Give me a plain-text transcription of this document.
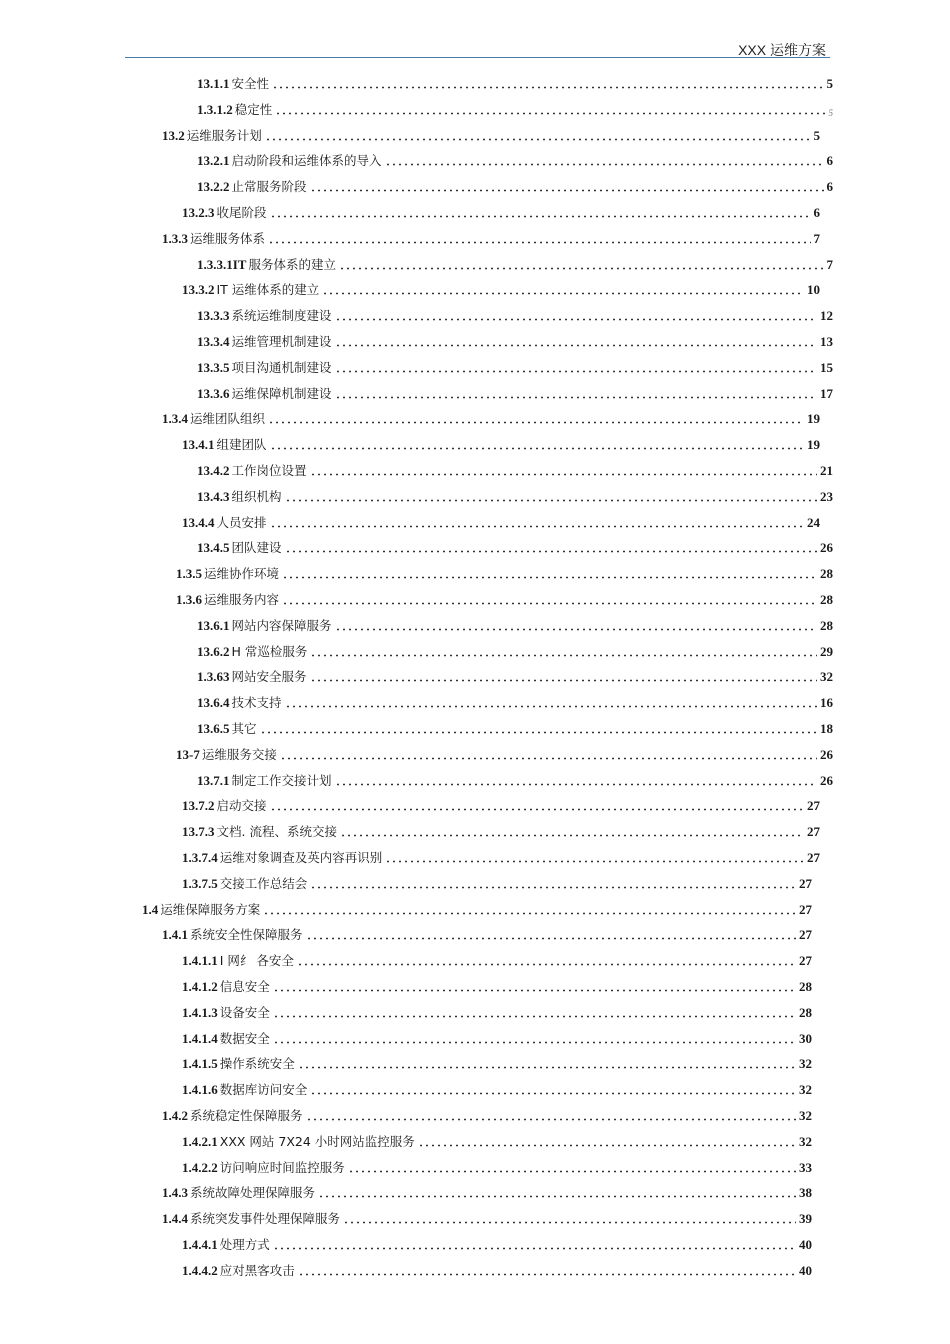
XXX 运维方案
13.1.1 安全性	5
1.3.1.2 稳定性	5
13.2 运维服务计划	5
13.2.1 启动阶段和运维体系的导入	6
13.2.2 止常服务阶段	6
13.2.3 收尾阶段	6
1.3.3 运维服务体系	7
1.3.3.1IT 服务体系的建立	7
13.3.2 IT 运维体系的建立	10
13.3.3 系统运维制度建设	12
13.3.4 运维管理机制建设	13
13.3.5 项目沟通机制建设	15
13.3.6 运维保障机制建设	17
1.3.4 运维团队组织	19
13.4.1 组建团队	19
13.4.2 工作岗位设置	21
13.4.3 组织机构	23
13.4.4 人员安排	24
13.4.5 团队建设	26
1.3.5 运维协作环境	28
1.3.6 运维服务内容	28
13.6.1 网站内容保障服务	28
13.6.2 H 常巡检服务	29
1.3.63 网站安全服务	32
13.6.4 技术支持	16
13.6.5 其它	18
13-7 运维服务交接	26
13.7.1 制定工作交接计划	26
13.7.2 启动交接	27
13.7.3 文档. 流程、系统交接	27
1.3.7.4 运维对象调查及英内容再识别	27
1.3.7.5 交接工作总结会	27
1.4 运维保障服务方案	27
1.4.1 系统安全性保障服务	27
1.4.1.1 I 网纟 各安全	27
1.4.1.2 信息安全	28
1.4.1.3 设备安全	28
1.4.1.4 数据安全	30
1.4.1.5 操作系统安全	32
1.4.1.6 数据库访问安全	32
1.4.2 系统稳定性保障服务	32
1.4.2.1 XXX 网站 7X24 小时网站监控服务	32
1.4.2.2 访问响应时间监控服务	33
1.4.3 系统故障处理保障服务	38
1.4.4 系统突发事件处理保障服务	39
1.4.4.1 处理方式	40
1.4.4.2 应对黑客攻击	40
